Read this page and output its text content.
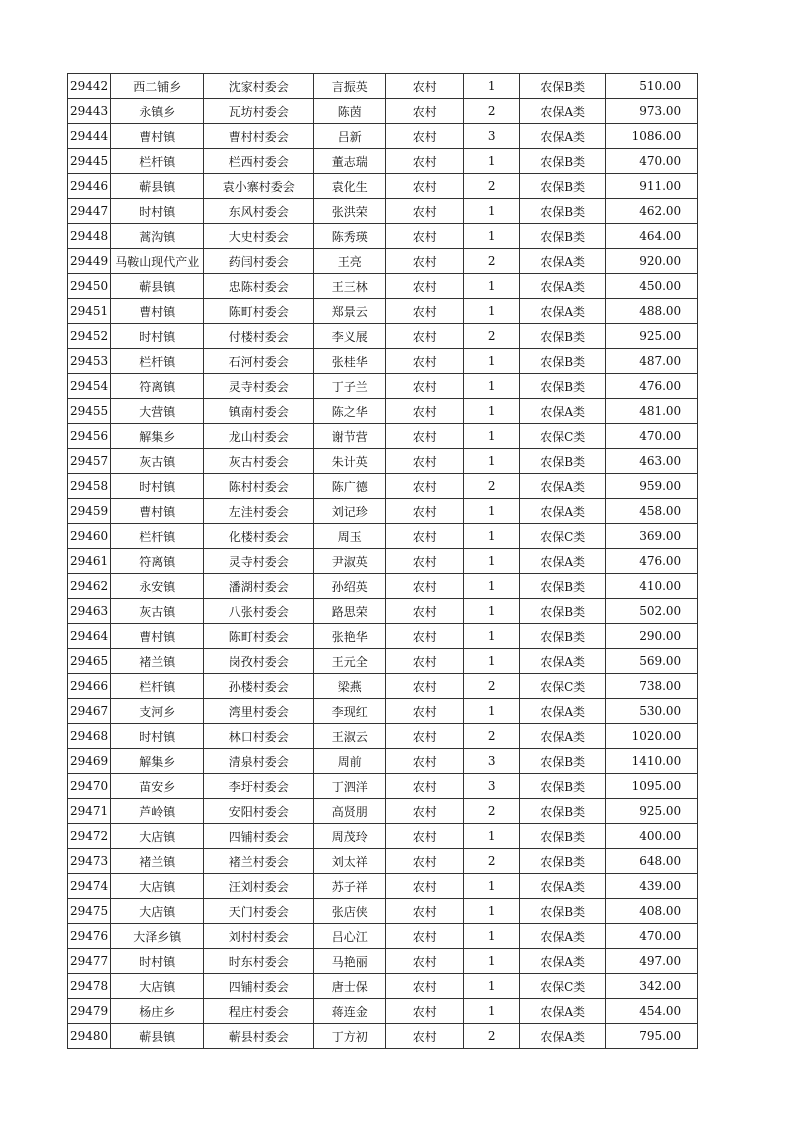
29442	西二铺乡	沈家村委会	言振英	农村	1	农保B类	510.00
29443	永镇乡	瓦坊村委会	陈茵	农村	2	农保A类	973.00
29444	曹村镇	曹村村委会	吕新	农村	3	农保A类	1086.00
29445	栏杆镇	栏西村委会	董志瑞	农村	1	农保B类	470.00
29446	蕲县镇	袁小寨村委会	袁化生	农村	2	农保B类	911.00
29447	时村镇	东风村委会	张洪荣	农村	1	农保B类	462.00
29448	蒿沟镇	大史村委会	陈秀瑛	农村	1	农保B类	464.00
29449	马鞍山现代产业	药闫村委会	王亮	农村	2	农保A类	920.00
29450	蕲县镇	忠陈村委会	王三林	农村	1	农保A类	450.00
29451	曹村镇	陈町村委会	郑景云	农村	1	农保A类	488.00
29452	时村镇	付楼村委会	李义展	农村	2	农保B类	925.00
29453	栏杆镇	石河村委会	张桂华	农村	1	农保B类	487.00
29454	符离镇	灵寺村委会	丁子兰	农村	1	农保B类	476.00
29455	大营镇	镇南村委会	陈之华	农村	1	农保A类	481.00
29456	解集乡	龙山村委会	谢节营	农村	1	农保C类	470.00
29457	灰古镇	灰古村委会	朱计英	农村	1	农保B类	463.00
29458	时村镇	陈村村委会	陈广德	农村	2	农保A类	959.00
29459	曹村镇	左洼村委会	刘记珍	农村	1	农保A类	458.00
29460	栏杆镇	化楼村委会	周玉	农村	1	农保C类	369.00
29461	符离镇	灵寺村委会	尹淑英	农村	1	农保A类	476.00
29462	永安镇	潘湖村委会	孙绍英	农村	1	农保B类	410.00
29463	灰古镇	八张村委会	路思荣	农村	1	农保B类	502.00
29464	曹村镇	陈町村委会	张艳华	农村	1	农保B类	290.00
29465	褚兰镇	岗孜村委会	王元全	农村	1	农保A类	569.00
29466	栏杆镇	孙楼村委会	梁燕	农村	2	农保C类	738.00
29467	支河乡	湾里村委会	李现红	农村	1	农保A类	530.00
29468	时村镇	林口村委会	王淑云	农村	2	农保A类	1020.00
29469	解集乡	清泉村委会	周前	农村	3	农保B类	1410.00
29470	苗安乡	李圩村委会	丁泗洋	农村	3	农保B类	1095.00
29471	芦岭镇	安阳村委会	高贤朋	农村	2	农保B类	925.00
29472	大店镇	四铺村委会	周茂玲	农村	1	农保B类	400.00
29473	褚兰镇	褚兰村委会	刘太祥	农村	2	农保B类	648.00
29474	大店镇	汪刘村委会	苏子祥	农村	1	农保A类	439.00
29475	大店镇	天门村委会	张店侠	农村	1	农保B类	408.00
29476	大泽乡镇	刘村村委会	吕心江	农村	1	农保A类	470.00
29477	时村镇	时东村委会	马艳丽	农村	1	农保A类	497.00
29478	大店镇	四铺村委会	唐士保	农村	1	农保C类	342.00
29479	杨庄乡	程庄村委会	蒋连金	农村	1	农保A类	454.00
29480	蕲县镇	蕲县村委会	丁方初	农村	2	农保A类	795.00
